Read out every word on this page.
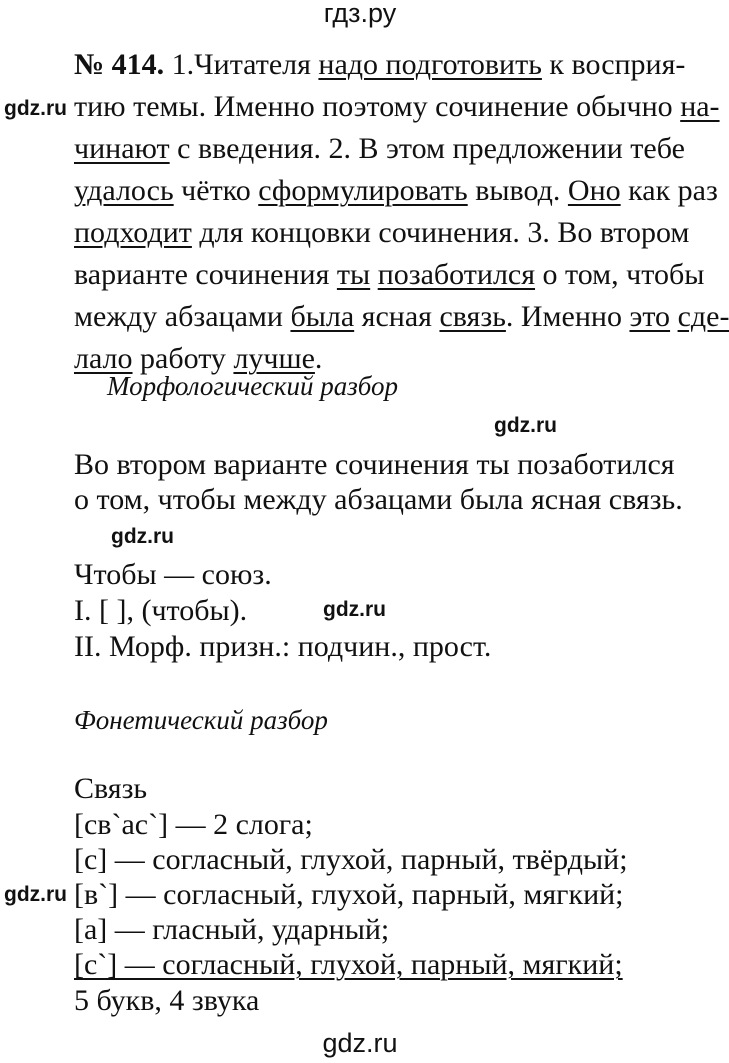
гдз.ру
№ 414. 1.Читателя надо подготовить к восприя-
тию темы. Именно поэтому сочинение обычно на-
чинают с введения. 2. В этом предложении тебе
удалось чётко сформулировать вывод. Оно как раз
подходит для концовки сочинения. 3. Во втором
варианте сочинения ты позаботился о том, чтобы
между абзацами была ясная связь. Именно это сде-
лало работу лучше.
Морфологический разбор
Во втором варианте сочинения ты позаботился
о том, чтобы между абзацами была ясная связь.
Чтобы — союз.
I. [ ], (чтобы).
II. Морф. призн.: подчин., прост.
Фонетический разбор
Связь
[св`ас`] — 2 слога;
[с] — согласный, глухой, парный, твёрдый;
[в`] — согласный, глухой, парный, мягкий;
[а] — гласный, ударный;
[с`] — согласный, глухой, парный, мягкий;
5 букв, 4 звука
gdz.ru
gdz.ru
gdz.ru
gdz.ru
gdz.ru
gdz.ru
